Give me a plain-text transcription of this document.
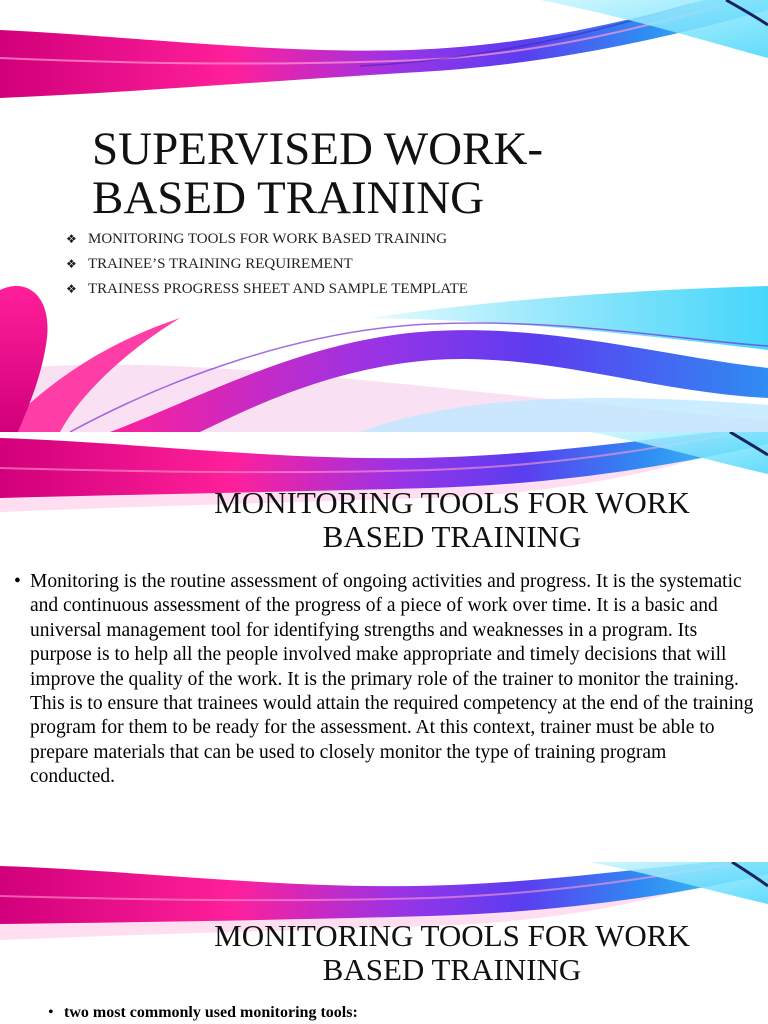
SUPERVISED WORK-
BASED TRAINING
❖ MONITORING TOOLS FOR WORK BASED TRAINING
❖ TRAINEE’S TRAINING REQUIREMENT
❖ TRAINESS PROGRESS SHEET AND SAMPLE TEMPLATE
MONITORING TOOLS FOR WORK
BASED TRAINING
• Monitoring is the routine assessment of ongoing activities and progress. It is the systematic and continuous assessment of the progress of a piece of work over time. It is a basic and universal management tool for identifying strengths and weaknesses in a program. Its purpose is to help all the people involved make appropriate and timely decisions that will improve the quality of the work. It is the primary role of the trainer to monitor the training. This is to ensure that trainees would attain the required competency at the end of the training program for them to be ready for the assessment. At this context, trainer must be able to prepare materials that can be used to closely monitor the type of training program conducted.

MONITORING TOOLS FOR WORK
BASED TRAINING
• two most commonly used monitoring tools:
